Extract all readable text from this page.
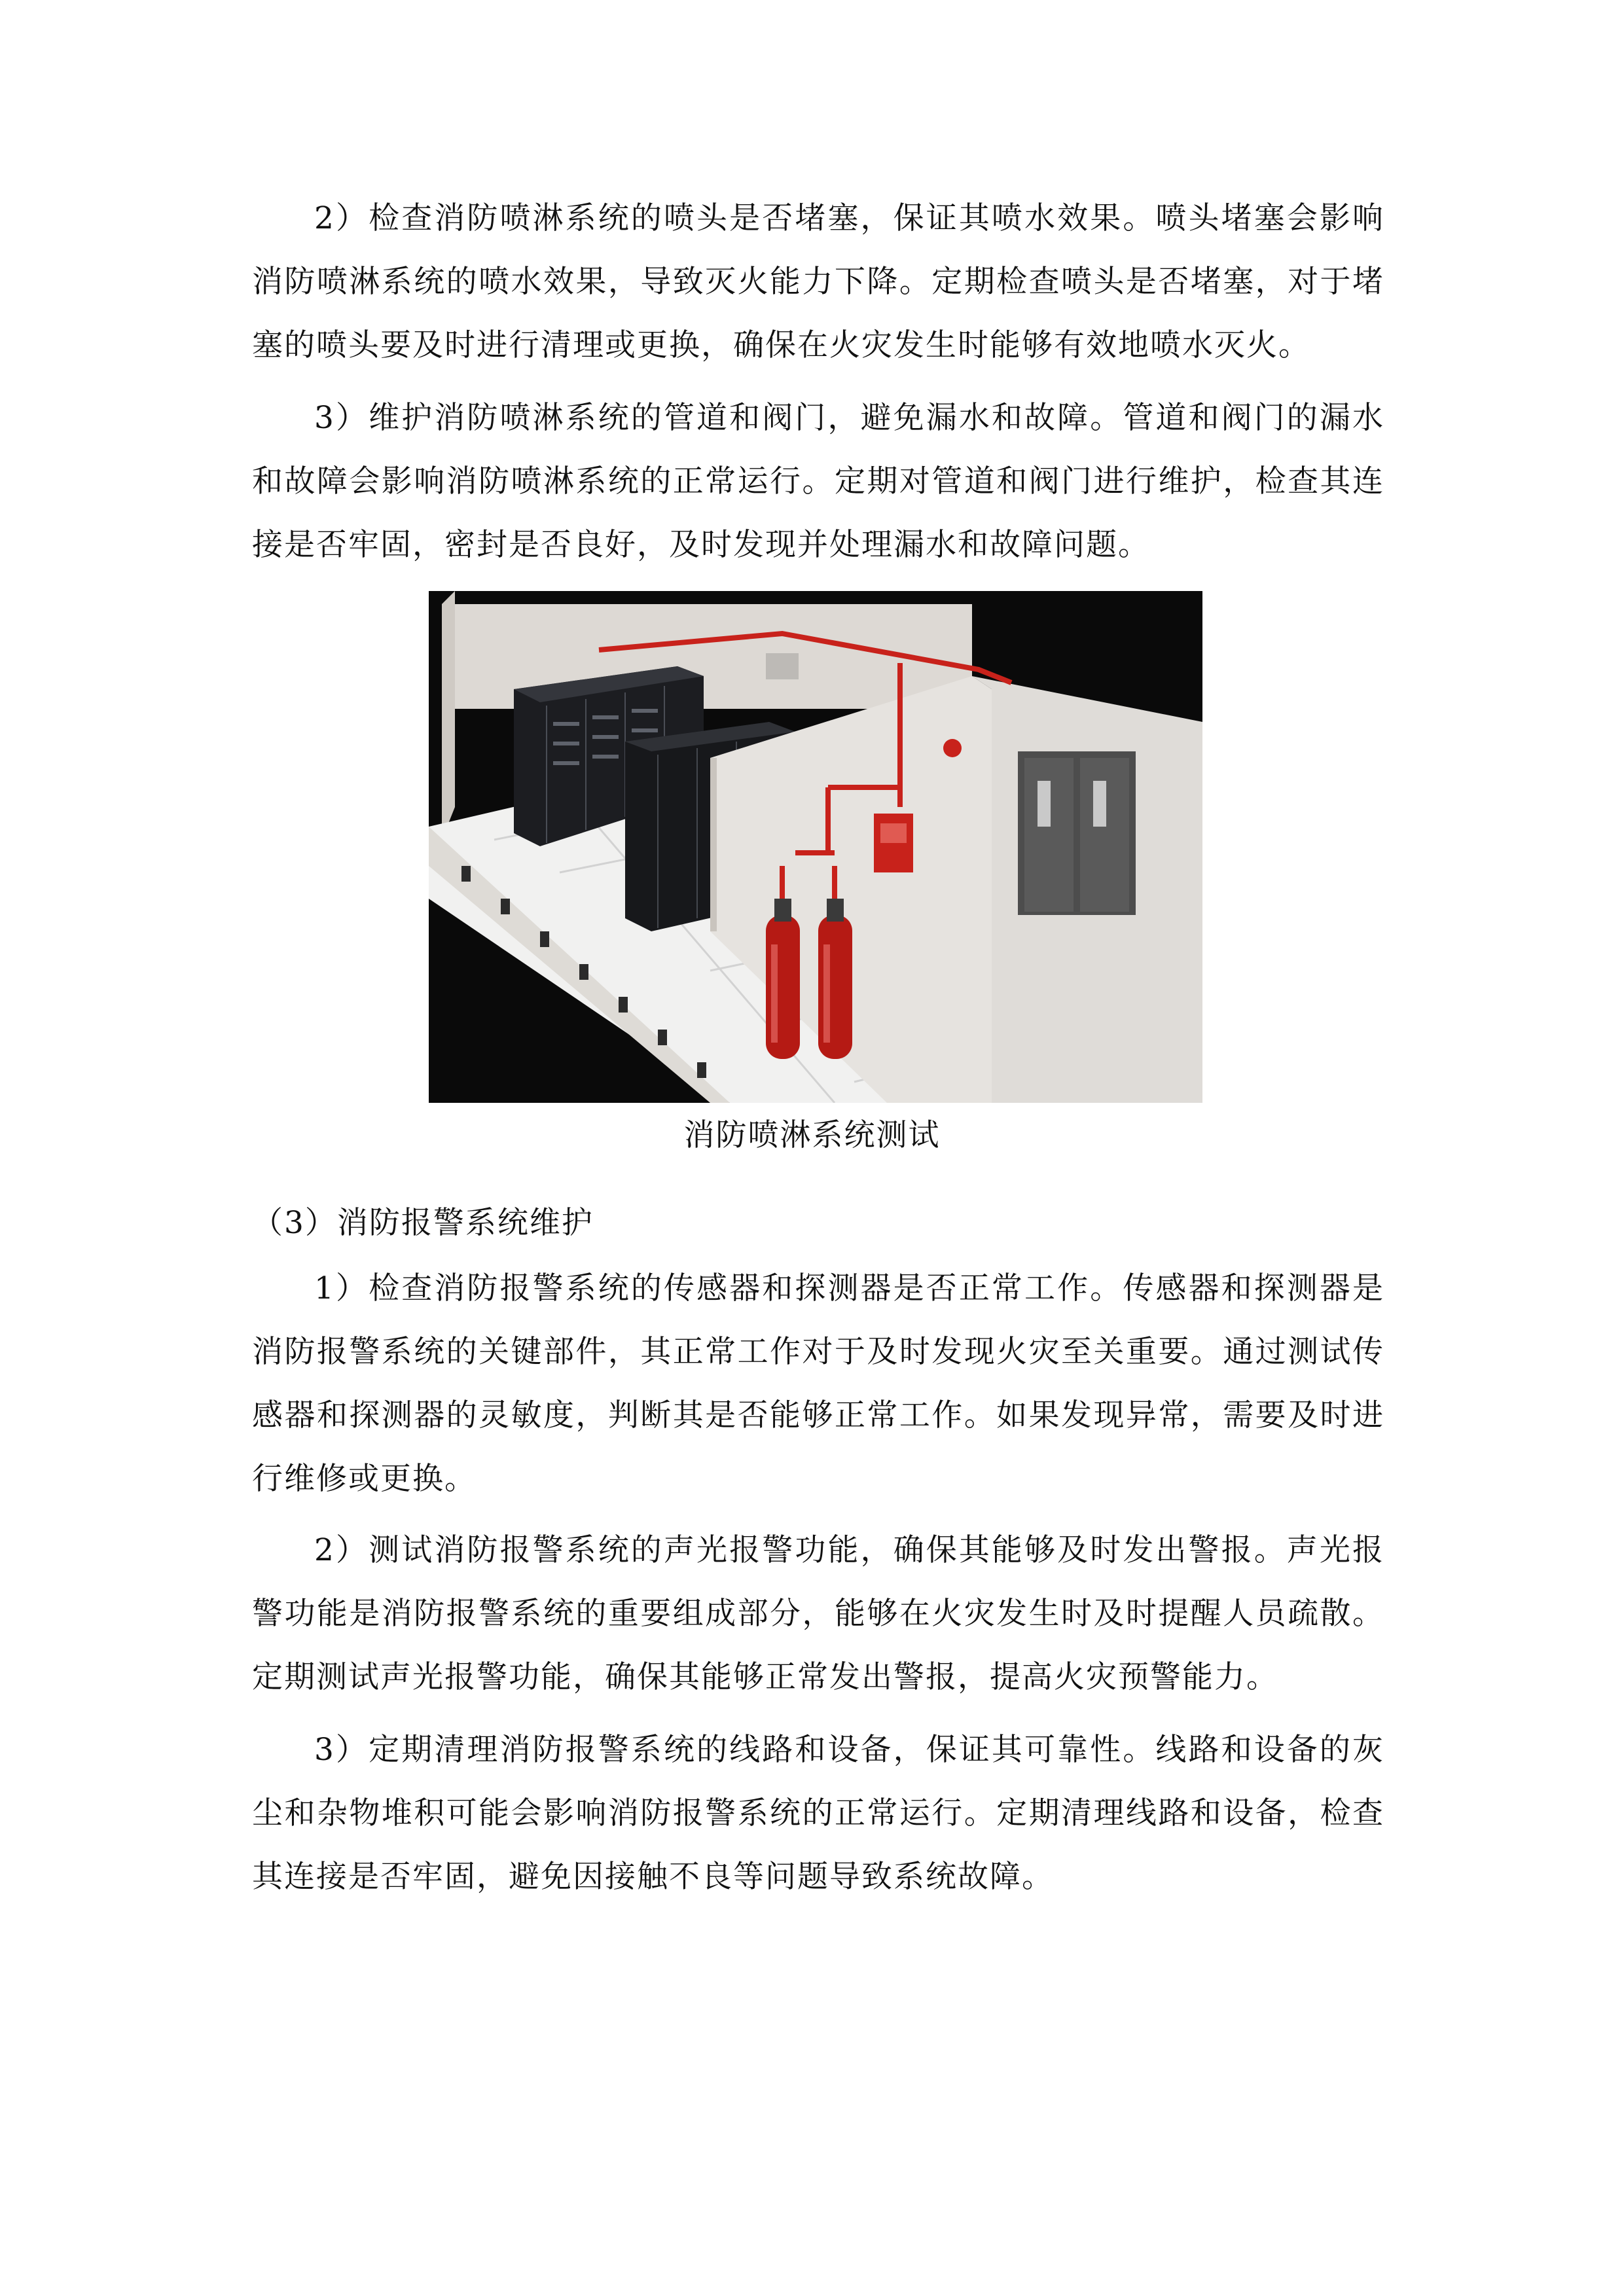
2）检查消防喷淋系统的喷头是否堵塞，保证其喷水效果。喷头堵塞会影响消防喷淋系统的喷水效果，导致灭火能力下降。定期检查喷头是否堵塞，对于堵塞的喷头要及时进行清理或更换，确保在火灾发生时能够有效地喷水灭火。

3）维护消防喷淋系统的管道和阀门，避免漏水和故障。管道和阀门的漏水和故障会影响消防喷淋系统的正常运行。定期对管道和阀门进行维护，检查其连接是否牢固，密封是否良好，及时发现并处理漏水和故障问题。

消防喷淋系统测试

（3）消防报警系统维护

1）检查消防报警系统的传感器和探测器是否正常工作。传感器和探测器是消防报警系统的关键部件，其正常工作对于及时发现火灾至关重要。通过测试传感器和探测器的灵敏度，判断其是否能够正常工作。如果发现异常，需要及时进行维修或更换。

2）测试消防报警系统的声光报警功能，确保其能够及时发出警报。声光报警功能是消防报警系统的重要组成部分，能够在火灾发生时及时提醒人员疏散。定期测试声光报警功能，确保其能够正常发出警报，提高火灾预警能力。

3）定期清理消防报警系统的线路和设备，保证其可靠性。线路和设备的灰尘和杂物堆积可能会影响消防报警系统的正常运行。定期清理线路和设备，检查其连接是否牢固，避免因接触不良等问题导致系统故障。
